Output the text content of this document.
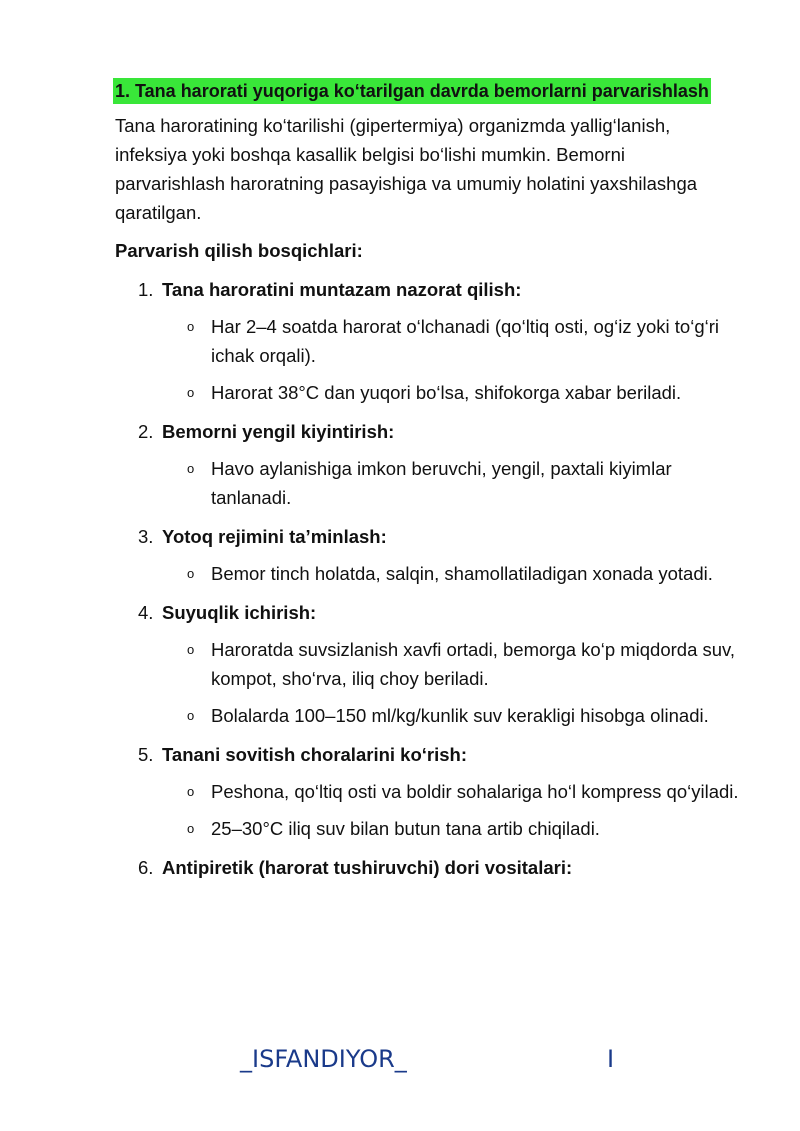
1. Tana harorati yuqoriga ko‘tarilgan davrda bemorlarni parvarishlash

Tana haroratining ko‘tarilishi (gipertermiya) organizmda yallig‘lanish, infeksiya yoki boshqa kasallik belgisi bo‘lishi mumkin. Bemorni parvarishlash haroratning pasayishiga va umumiy holatini yaxshilashga qaratilgan.

Parvarish qilish bosqichlari:

1. Tana haroratini muntazam nazorat qilish:
o Har 2–4 soatda harorat o‘lchanadi (qo‘ltiq osti, og‘iz yoki to‘g‘ri ichak orqali).
o Harorat 38°C dan yuqori bo‘lsa, shifokorga xabar beriladi.
2. Bemorni yengil kiyintirish:
o Havo aylanishiga imkon beruvchi, yengil, paxtali kiyimlar tanlanadi.
3. Yotoq rejimini ta’minlash:
o Bemor tinch holatda, salqin, shamollatiladigan xonada yotadi.
4. Suyuqlik ichirish:
o Haroratda suvsizlanish xavfi ortadi, bemorga ko‘p miqdorda suv, kompot, sho‘rva, iliq choy beriladi.
o Bolalarda 100–150 ml/kg/kunlik suv kerakligi hisobga olinadi.
5. Tanani sovitish choralarini ko‘rish:
o Peshona, qo‘ltiq osti va boldir sohalariga ho‘l kompress qo‘yiladi.
o 25–30°C iliq suv bilan butun tana artib chiqiladi.
6. Antipiretik (harorat tushiruvchi) dori vositalari:
_ISFANDIYOR_	I
